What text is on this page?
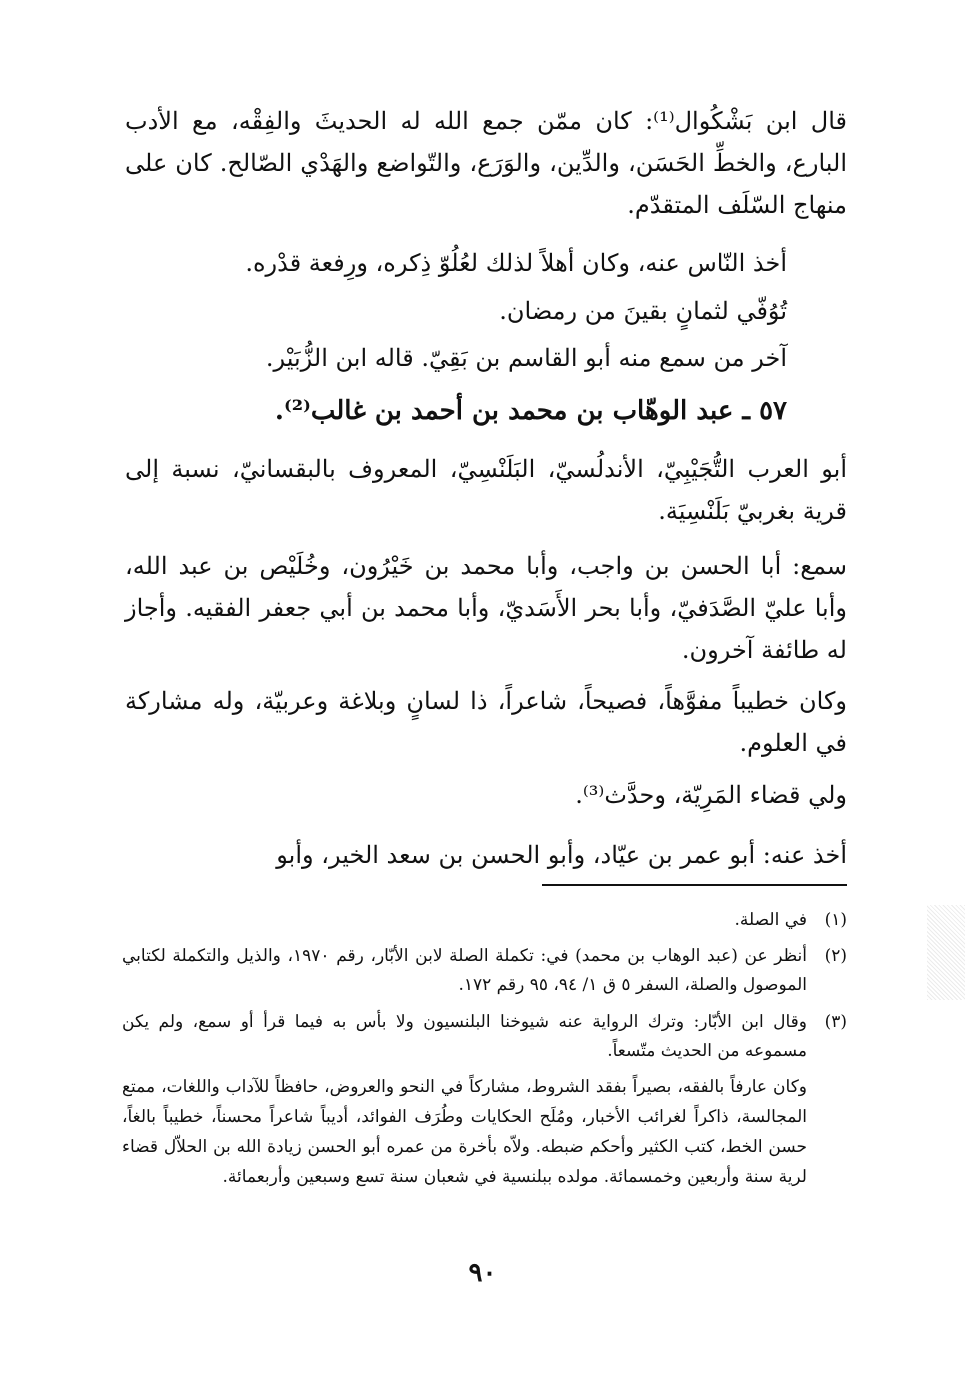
قال ابن بَشْكُوال⁽¹⁾: كان ممّن جمع الله له الحديثَ والفِقْه، مع الأدب البارع، والخطِّ الحَسَن، والدِّين، والوَرَع، والتّواضع والهَدْي الصّالح. كان على منهاج السّلَف المتقدّم.

أخذ النّاس عنه، وكان أهلاً لذلك لعُلُوّ ذِكره، ورِفعة قدْره.

تُوُفّي لثمانٍ بقينَ من رمضان.

آخر من سمع منه أبو القاسم بن بَقِيّ. قاله ابن الزُّبَيْر.

٥٧ ـ عبد الوهّاب بن محمد بن أحمد بن غالب⁽²⁾.

أبو العرب التُّجَيْبِيّ، الأندلُسيّ، البَلَنْسِيّ، المعروف بالبقسانيّ، نسبة إلى قرية بغربيّ بَلَنْسِيَة.

سمع: أبا الحسن بن واجب، وأبا محمد بن خَيْرُون، وخُلَيْص بن عبد الله، وأبا عليّ الصَّدَفيّ، وأبا بحر الأَسَديّ، وأبا محمد بن أبي جعفر الفقيه. وأجاز له طائفة آخرون.

وكان خطيباً مفوَّهاً، فصيحاً، شاعراً، ذا لسانٍ وبلاغة وعربيّة، وله مشاركة في العلوم.

ولي قضاء المَرِيّة، وحدَّث⁽³⁾.

أخذ عنه: أبو عمر بن عيّاد، وأبو الحسن بن سعد الخير، وأبو

(١)
في الصلة.
(٢)
أنظر عن (عبد الوهاب بن محمد) في: تكملة الصلة لابن الأبّار، رقم ١٩٧٠، والذيل والتكملة لكتابي الموصول والصلة، السفر ٥ ق ١/ ٩٤، ٩٥ رقم ١٧٢.
(٣)
وقال ابن الأبّار: وترك الرواية عنه شيوخنا البلنسيون ولا بأس به فيما قرأ أو سمع، ولم يكن مسموعه من الحديث متّسعاً.
وكان عارفاً بالفقه، بصيراً بفقد الشروط، مشاركاً في النحو والعروض، حافظاً للآداب واللغات، ممتع المجالسة، ذاكراً لغرائب الأخبار، ومُلَح الحكايات وطُرَف الفوائد، أديباً شاعراً محسناً، خطيباً بالغاً، حسن الخط، كتب الكثير وأحكم ضبطه. ولاّه بأخرة من عمره أبو الحسن زيادة الله بن الحلاّل قضاء لرية سنة وأربعين وخمسمائة. مولده ببلنسية في شعبان سنة تسع وسبعين وأربعمائة.
٩٠
